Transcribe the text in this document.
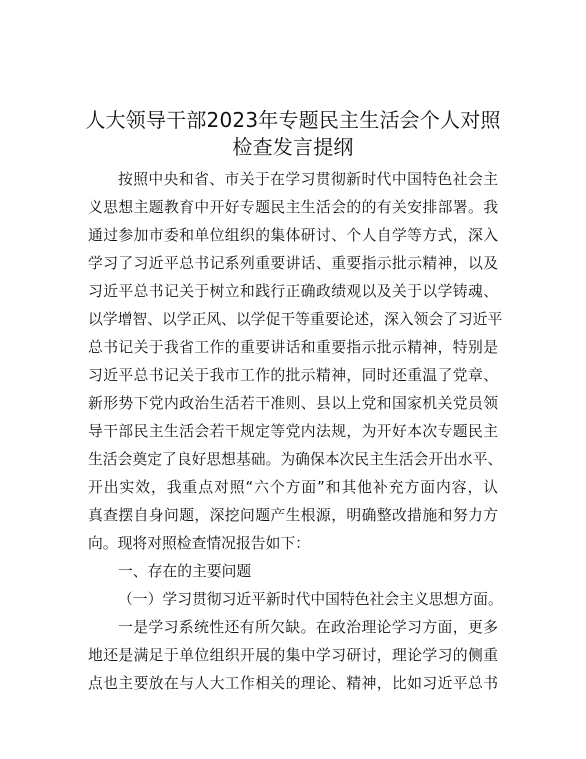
人大领导干部2023年专题民主生活会个人对照
检查发言提纲

按照中央和省、市关于在学习贯彻新时代中国特色社会主

义思想主题教育中开好专题民主生活会的的有关安排部署。我

通过参加市委和单位组织的集体研讨、个人自学等方式，深入

学习了习近平总书记系列重要讲话、重要指示批示精神，以及

习近平总书记关于树立和践行正确政绩观以及关于以学铸魂、

以学增智、以学正风、以学促干等重要论述，深入领会了习近平

总书记关于我省工作的重要讲话和重要指示批示精神，特别是

习近平总书记关于我市工作的批示精神，同时还重温了党章、

新形势下党内政治生活若干准则、县以上党和国家机关党员领

导干部民主生活会若干规定等党内法规，为开好本次专题民主

生活会奠定了良好思想基础。为确保本次民主生活会开出水平、

开出实效，我重点对照“六个方面”和其他补充方面内容，认

真查摆自身问题，深挖问题产生根源，明确整改措施和努力方

向。现将对照检查情况报告如下：

一、存在的主要问题

（一）学习贯彻习近平新时代中国特色社会主义思想方面。

一是学习系统性还有所欠缺。在政治理论学习方面，更多

地还是满足于单位组织开展的集中学习研讨，理论学习的侧重

点也主要放在与人大工作相关的理论、精神，比如习近平总书
